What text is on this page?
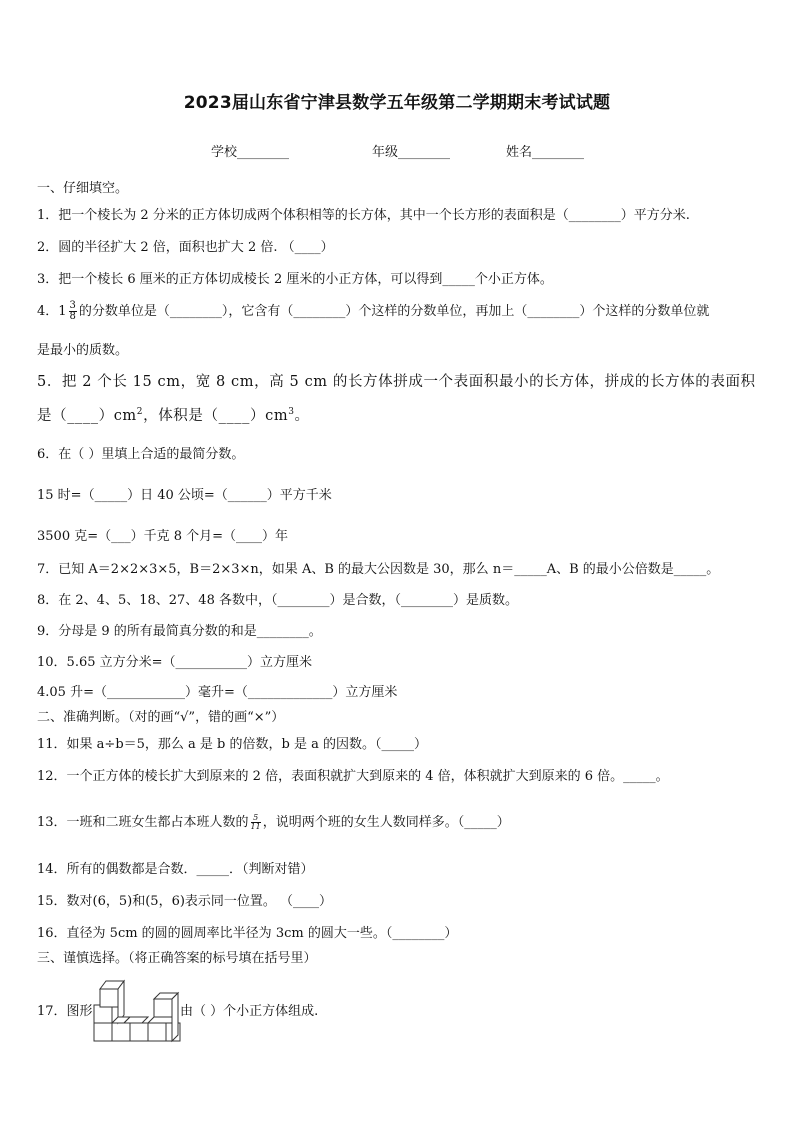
2023届山东省宁津县数学五年级第二学期期末考试试题
学校________	年级________	姓名________
一、仔细填空。
1．把一个棱长为 2 分米的正方体切成两个体积相等的长方体，其中一个长方形的表面积是（________）平方分米.
2．圆的半径扩大 2 倍，面积也扩大 2 倍. （____）
3．把一个棱长 6 厘米的正方体切成棱长 2 厘米的小正方体，可以得到_____个小正方体。
4．$1 \frac{3}{8}$ 的分数单位是（________），它含有（________）个这样的分数单位，再加上（________）个这样的分数单位就
是最小的质数。
5．把 2 个长 15 cm，宽 8 cm，高 5 cm 的长方体拼成一个表面积最小的长方体，拼成的长方体的表面积
是$(\_\_\_\_)cm^2$，体积是$(\_\_\_\_)cm^3$。
6．在（ ）里填上合适的最简分数。
15 时=（_____）日 40 公顷=（______）平方千米
3500 克=（___）千克 8 个月=（____）年
7．已知 A＝2×2×3×5，B＝2×3×n，如果 A、B 的最大公因数是 30，那么 n＝_____A、B 的最小公倍数是_____。
8．在 2、4、5、18、27、48 各数中，（________）是合数，（________）是质数。
9．分母是 9 的所有最简真分数的和是________。
10．5.65 立方分米=（___________）立方厘米
4.05 升=（____________）毫升=（_____________）立方厘米
二、准确判断。（对的画“√”，错的画“×”）
11．如果 a÷b＝5，那么 a 是 b 的倍数，b 是 a 的因数。（_____）
12．一个正方体的棱长扩大到原来的 2 倍，表面积就扩大到原来的 4 倍，体积就扩大到原来的 6 倍。_____。
13．一班和二班女生都占本班人数的 $\frac{5}{11}$ ，说明两个班的女生人数同样多。（_____）
14．所有的偶数都是合数．_____．（判断对错）
15．数对(6，5)和(5，6)表示同一位置。 （____）
16．直径为 5cm 的圆的圆周率比半径为 3cm 的圆大一些。（________）
三、谨慎选择。（将正确答案的标号填在括号里）
17．图形	由（ ）个小正方体组成.
